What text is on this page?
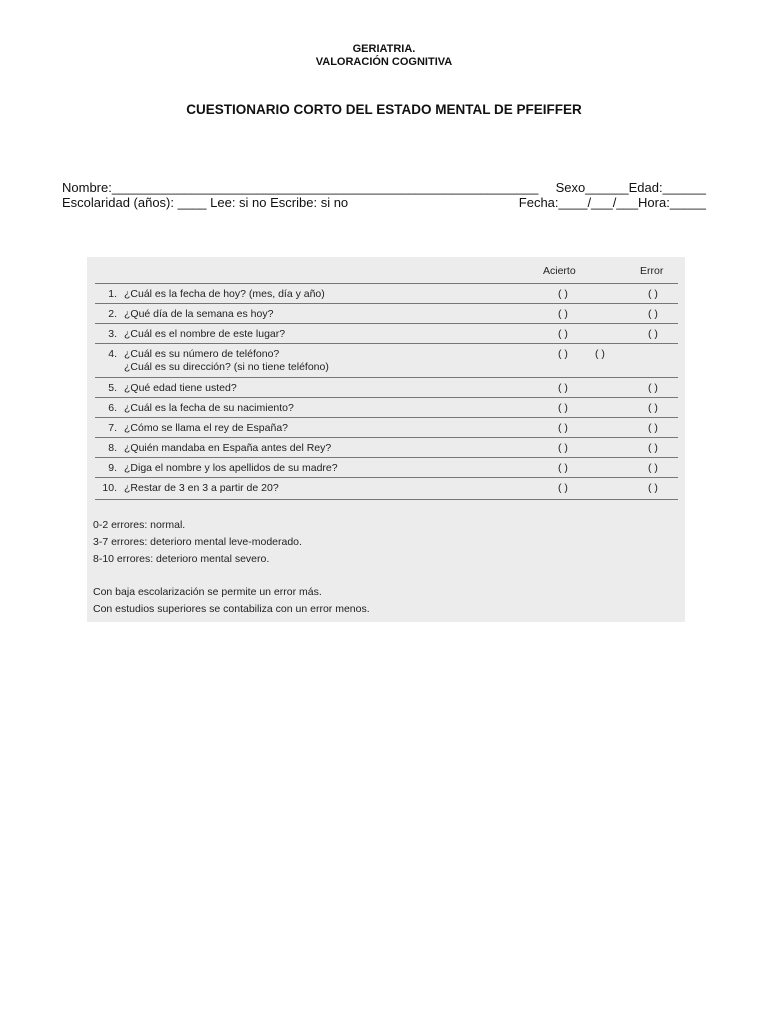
GERIATRIA.
VALORACIÓN COGNITIVA
CUESTIONARIO CORTO DEL ESTADO MENTAL DE PFEIFFER
Nombre:___________________________________________________________ Sexo______Edad:______
Escolaridad (años): ____ Lee: si no Escribe: si no	Fecha:____/___/___Hora:_____
Acierto	Error
1. ¿Cuál es la fecha de hoy? (mes, día y año)	( )	( )
2. ¿Qué día de la semana es hoy?	( )	( )
3. ¿Cuál es el nombre de este lugar?	( )	( )
4. ¿Cuál es su número de teléfono?
¿Cuál es su dirección? (si no tiene teléfono)
( )	( )
5. ¿Qué edad tiene usted?	( )	( )
6. ¿Cuál es la fecha de su nacimiento?	( )	( )
7. ¿Cómo se llama el rey de España?	( )	( )
8. ¿Quién mandaba en España antes del Rey?	( )	( )
9. ¿Diga el nombre y los apellidos de su madre?	( )	( )
10. ¿Restar de 3 en 3 a partir de 20?	( )	( )
0-2 errores: normal.
3-7 errores: deterioro mental leve-moderado.
8-10 errores: deterioro mental severo.
Con baja escolarización se permite un error más.
Con estudios superiores se contabiliza con un error menos.
